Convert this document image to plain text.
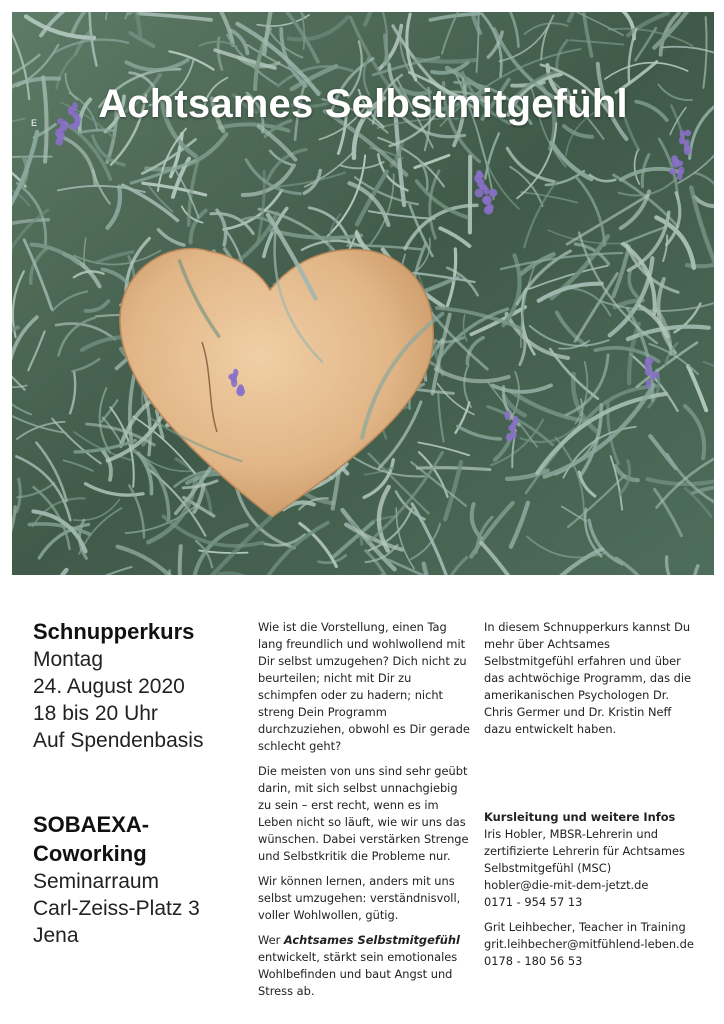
Achtsames Selbstmitgefühl
E
Schnupperkurs
Montag
24. August 2020
18 bis 20 Uhr
Auf Spendenbasis
SOBAEXA-
Coworking
Seminarraum
Carl-Zeiss-Platz 3
Jena

Wie ist die Vorstellung, einen Tag lang freundlich und wohlwollend mit Dir selbst umzugehen? Dich nicht zu beurteilen; nicht mit Dir zu schimpfen oder zu hadern; nicht streng Dein Programm durchzuziehen, obwohl es Dir gerade schlecht geht?

Die meisten von uns sind sehr geübt darin, mit sich selbst unnachgiebig zu sein – erst recht, wenn es im Leben nicht so läuft, wie wir uns das wünschen. Dabei verstärken Strenge und Selbstkritik die Probleme nur.

Wir können lernen, anders mit uns selbst umzugehen: verständnisvoll, voller Wohlwollen, gütig.

Wer Achtsames Selbstmitgefühl entwickelt, stärkt sein emotionales Wohlbefinden und baut Angst und Stress ab.

In diesem Schnupperkurs kannst Du mehr über Achtsames Selbstmitgefühl erfahren und über das achtwöchige Programm, das die amerikanischen Psychologen Dr. Chris Germer und Dr. Kristin Neff dazu entwickelt haben.

Kursleitung und weitere Infos
Iris Hobler, MBSR-Lehrerin und
zertifizierte Lehrerin für Achtsames
Selbstmitgefühl (MSC)
hobler@die-mit-dem-jetzt.de
0171 - 954 57 13
Grit Leihbecher, Teacher in Training
grit.leihbecher@mitfühlend-leben.de
0178 - 180 56 53
